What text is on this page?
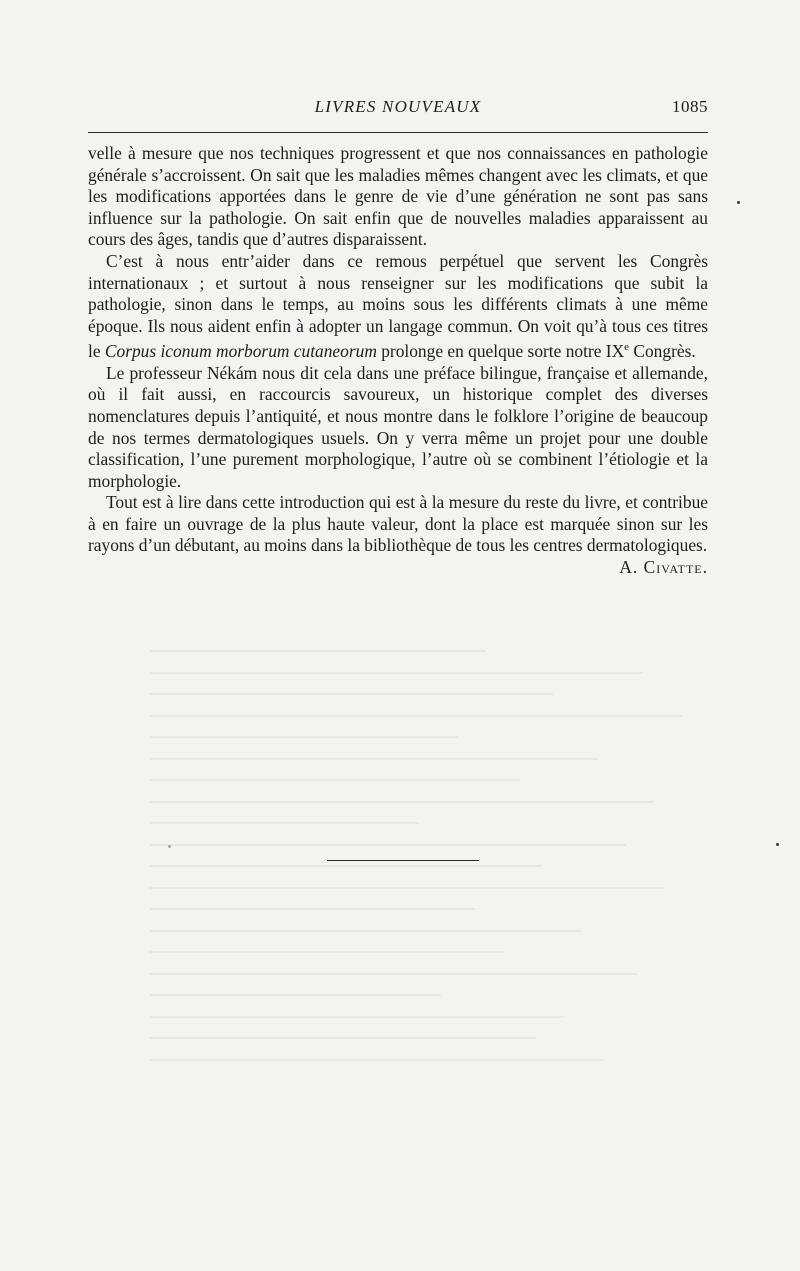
LIVRES NOUVEAUX	1085

velle à mesure que nos techniques progressent et que nos connaissances en pathologie générale s’accroissent. On sait que les maladies mêmes changent avec les climats, et que les modifications apportées dans le genre de vie d’une génération ne sont pas sans influence sur la pathologie. On sait enfin que de nouvelles maladies apparaissent au cours des âges, tandis que d’autres disparaissent.

C’est à nous entr’aider dans ce remous perpétuel que servent les Congrès internationaux ; et surtout à nous renseigner sur les modifications que subit la pathologie, sinon dans le temps, au moins sous les différents climats à une même époque. Ils nous aident enfin à adopter un langage commun. On voit qu’à tous ces titres le Corpus iconum morborum cutaneorum prolonge en quelque sorte notre IXe Congrès.

Le professeur Nékám nous dit cela dans une préface bilingue, française et allemande, où il fait aussi, en raccourcis savoureux, un historique complet des diverses nomenclatures depuis l’antiquité, et nous montre dans le folklore l’origine de beaucoup de nos termes dermatologiques usuels. On y verra même un projet pour une double classification, l’une purement morphologique, l’autre où se combinent l’étiologie et la morphologie.

Tout est à lire dans cette introduction qui est à la mesure du reste du livre, et contribue à en faire un ouvrage de la plus haute valeur, dont la place est marquée sinon sur les rayons d’un débutant, au moins dans la bibliothèque de tous les centres dermatologiques.
A. Civatte.
